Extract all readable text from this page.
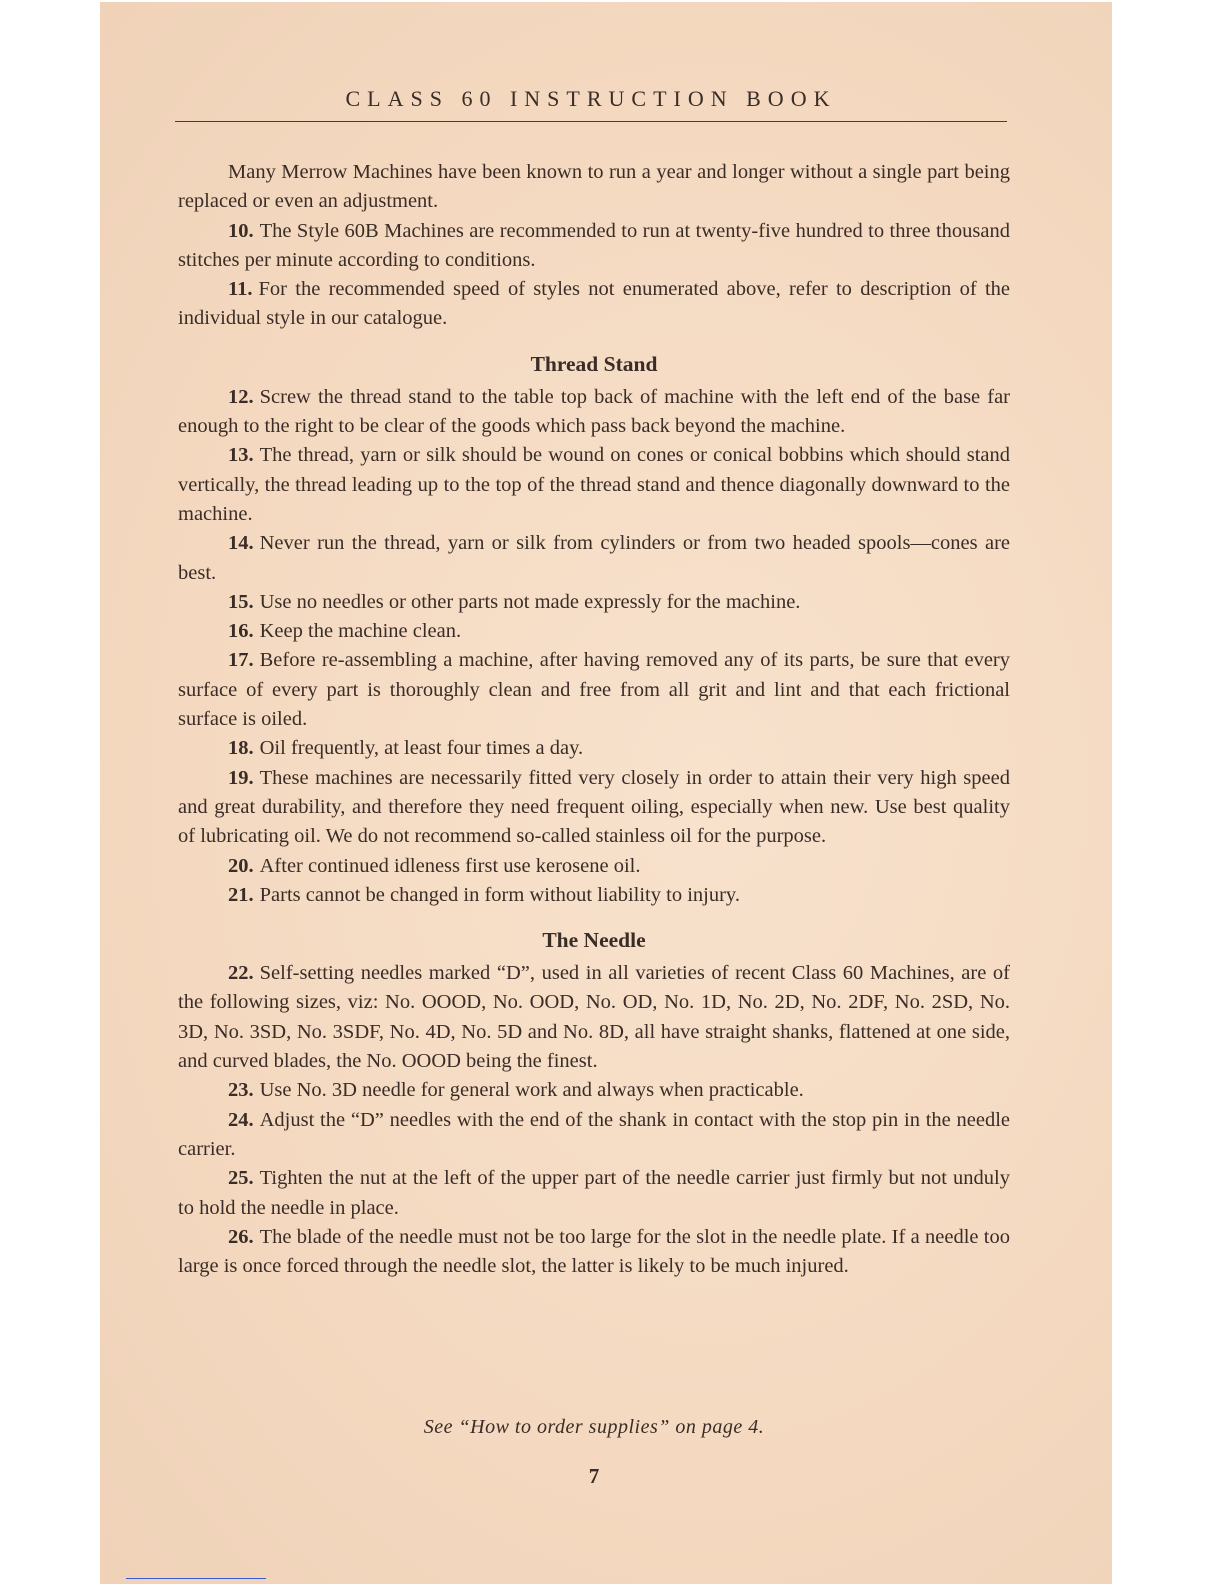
CLASS 60 INSTRUCTION BOOK

Many Merrow Machines have been known to run a year and longer without a single part being replaced or even an adjustment.

10. The Style 60B Machines are recommended to run at twenty-five hundred to three thousand stitches per minute according to conditions.

11. For the recommended speed of styles not enumerated above, refer to description of the individual style in our catalogue.

Thread Stand

12. Screw the thread stand to the table top back of machine with the left end of the base far enough to the right to be clear of the goods which pass back beyond the machine.

13. The thread, yarn or silk should be wound on cones or conical bobbins which should stand vertically, the thread leading up to the top of the thread stand and thence diagonally downward to the machine.

14. Never run the thread, yarn or silk from cylinders or from two headed spools—cones are best.

15. Use no needles or other parts not made expressly for the machine.

16. Keep the machine clean.

17. Before re-assembling a machine, after having removed any of its parts, be sure that every surface of every part is thoroughly clean and free from all grit and lint and that each frictional surface is oiled.

18. Oil frequently, at least four times a day.

19. These machines are necessarily fitted very closely in order to attain their very high speed and great durability, and therefore they need frequent oiling, especially when new. Use best quality of lubricating oil. We do not recommend so-called stainless oil for the purpose.

20. After continued idleness first use kerosene oil.

21. Parts cannot be changed in form without liability to injury.

The Needle

22. Self-setting needles marked “D”, used in all varieties of recent Class 60 Machines, are of the following sizes, viz: No. OOOD, No. OOD, No. OD, No. 1D, No. 2D, No. 2DF, No. 2SD, No. 3D, No. 3SD, No. 3SDF, No. 4D, No. 5D and No. 8D, all have straight shanks, flattened at one side, and curved blades, the No. OOOD being the finest.

23. Use No. 3D needle for general work and always when practicable.

24. Adjust the “D” needles with the end of the shank in contact with the stop pin in the needle carrier.

25. Tighten the nut at the left of the upper part of the needle carrier just firmly but not unduly to hold the needle in place.

26. The blade of the needle must not be too large for the slot in the needle plate. If a needle too large is once forced through the needle slot, the latter is likely to be much injured.

See “How to order supplies” on page 4.
7
